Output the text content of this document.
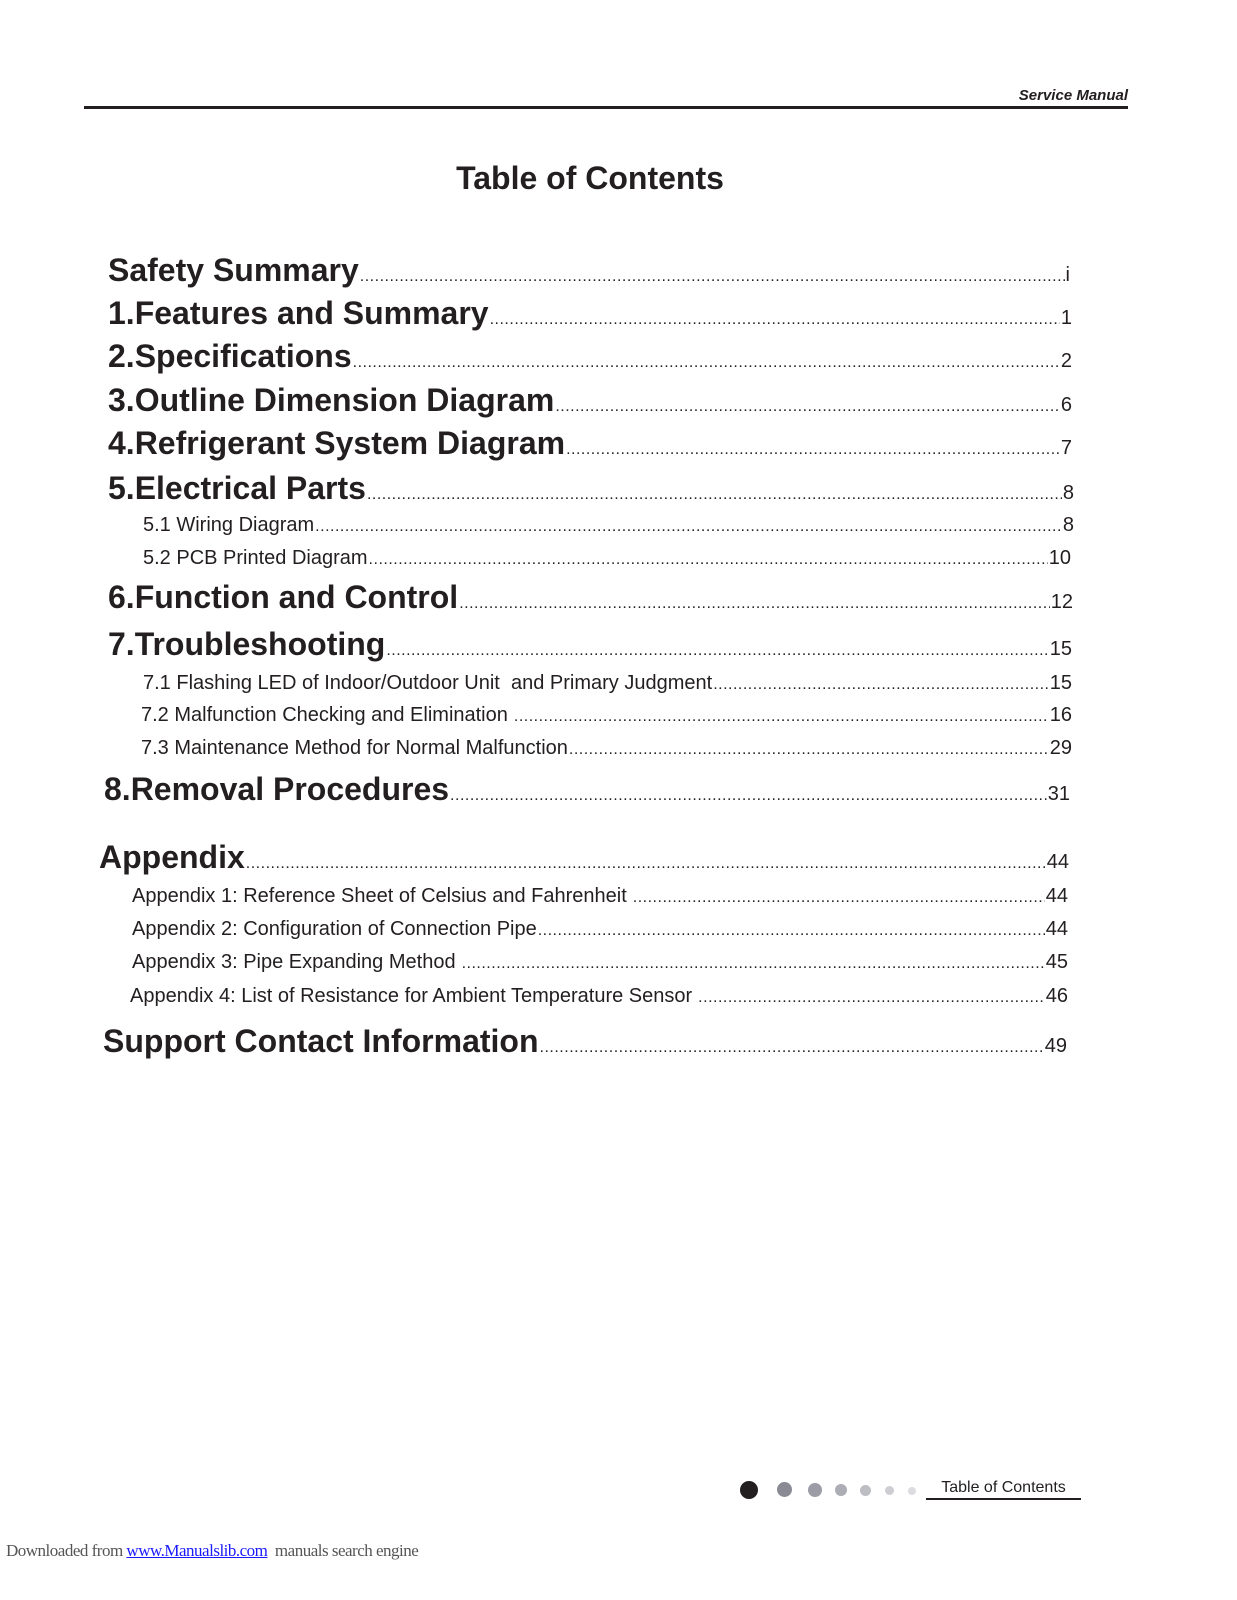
Service Manual
Table of Contents
Safety Summary .....	i
1. Features and Summary .....	1
2. Specifications .....	2
3. Outline Dimension Diagram .....	6
4. Refrigerant System Diagram .....	7
5. Electrical Parts .....	8
5.1 Wiring Diagram .....	8
5.2 PCB Printed Diagram .....	10
6. Function and Control .....	12
7. Troubleshooting .....	15
7.1 Flashing LED of Indoor/Outdoor Unit  and Primary Judgment .....	15
7.2 Malfunction Checking and Elimination .....	16
7.3 Maintenance Method for Normal Malfunction .....	29
8. Removal Procedures .....	31
Appendix .....	44
Appendix 1: Reference Sheet of Celsius and Fahrenheit .....	44
Appendix 2: Configuration of Connection Pipe .....	44
Appendix 3: Pipe Expanding Method .....	45
Appendix 4: List of Resistance for Ambient Temperature Sensor .....	46
Support Contact Information .....	49
Table of Contents
Downloaded from www.Manualslib.com  manuals search engine
